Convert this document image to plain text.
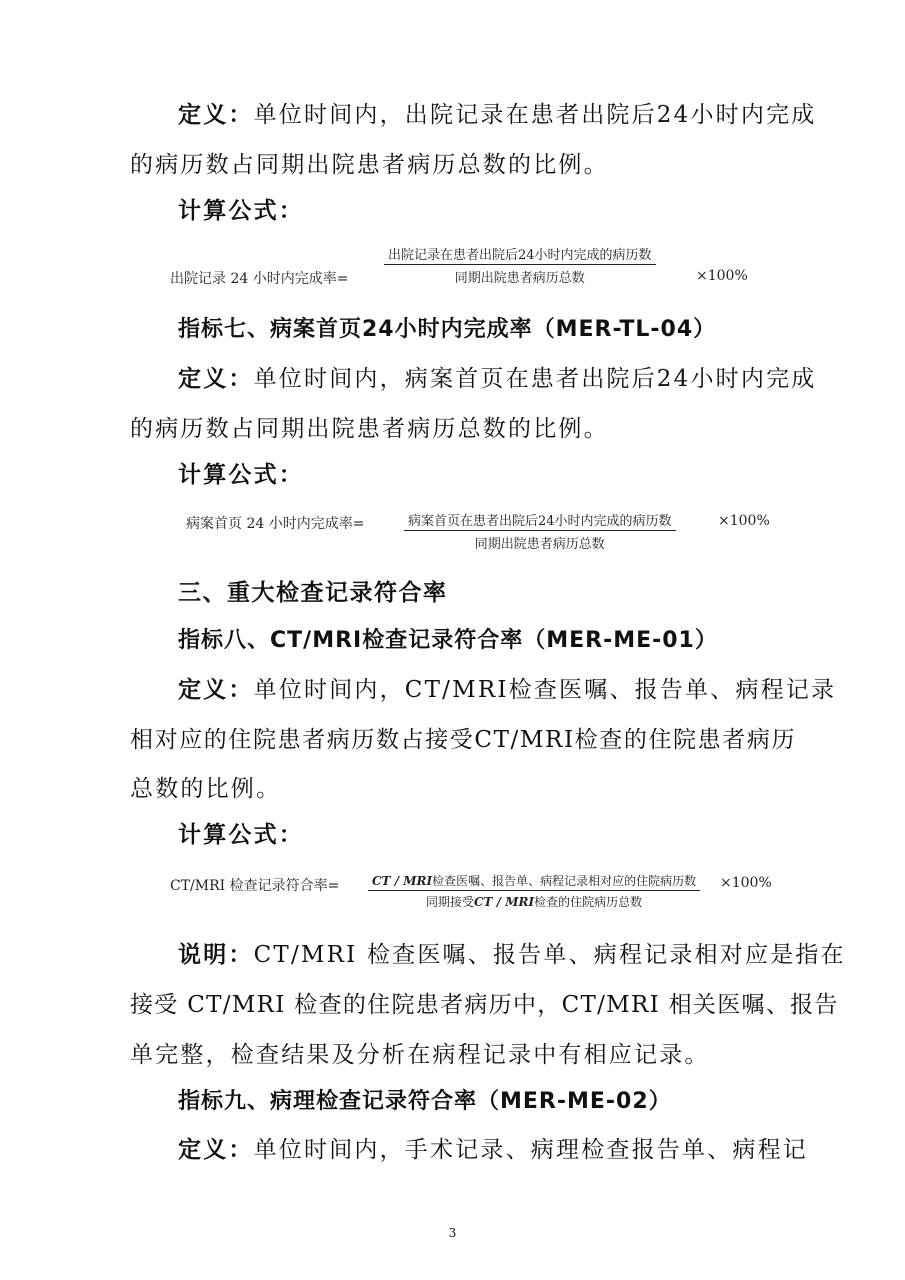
定义：单位时间内，出院记录在患者出院后24小时内完成
的病历数占同期出院患者病历总数的比例。
计算公式：
出院记录 24 小时内完成率=
出院记录在患者出院后24小时内完成的病历数
同期出院患者病历总数	×100%
指标七、病案首页24小时内完成率（MER-TL-04）
定义：单位时间内，病案首页在患者出院后24小时内完成
的病历数占同期出院患者病历总数的比例。
计算公式：
病案首页 24 小时内完成率=	病案首页在患者出院后24小时内完成的病历数
同期出院患者病历总数
×100%
三、重大检查记录符合率
指标八、CT/MRI检查记录符合率（MER-ME-01）
定义：单位时间内，CT/MRI检查医嘱、报告单、病程记录
相对应的住院患者病历数占接受CT/MRI检查的住院患者病历
总数的比例。
计算公式：
CT/MRI 检查记录符合率=	CT / MRI检查医嘱、报告单、病程记录相对应的住院病历数
同期接受CT / MRI检查的住院病历总数
×100%
说明：CT/MRI 检查医嘱、报告单、病程记录相对应是指在
接受 CT/MRI 检查的住院患者病历中，CT/MRI 相关医嘱、报告
单完整，检查结果及分析在病程记录中有相应记录。
指标九、病理检查记录符合率（MER-ME-02）
定义：单位时间内，手术记录、病理检查报告单、病程记
3
